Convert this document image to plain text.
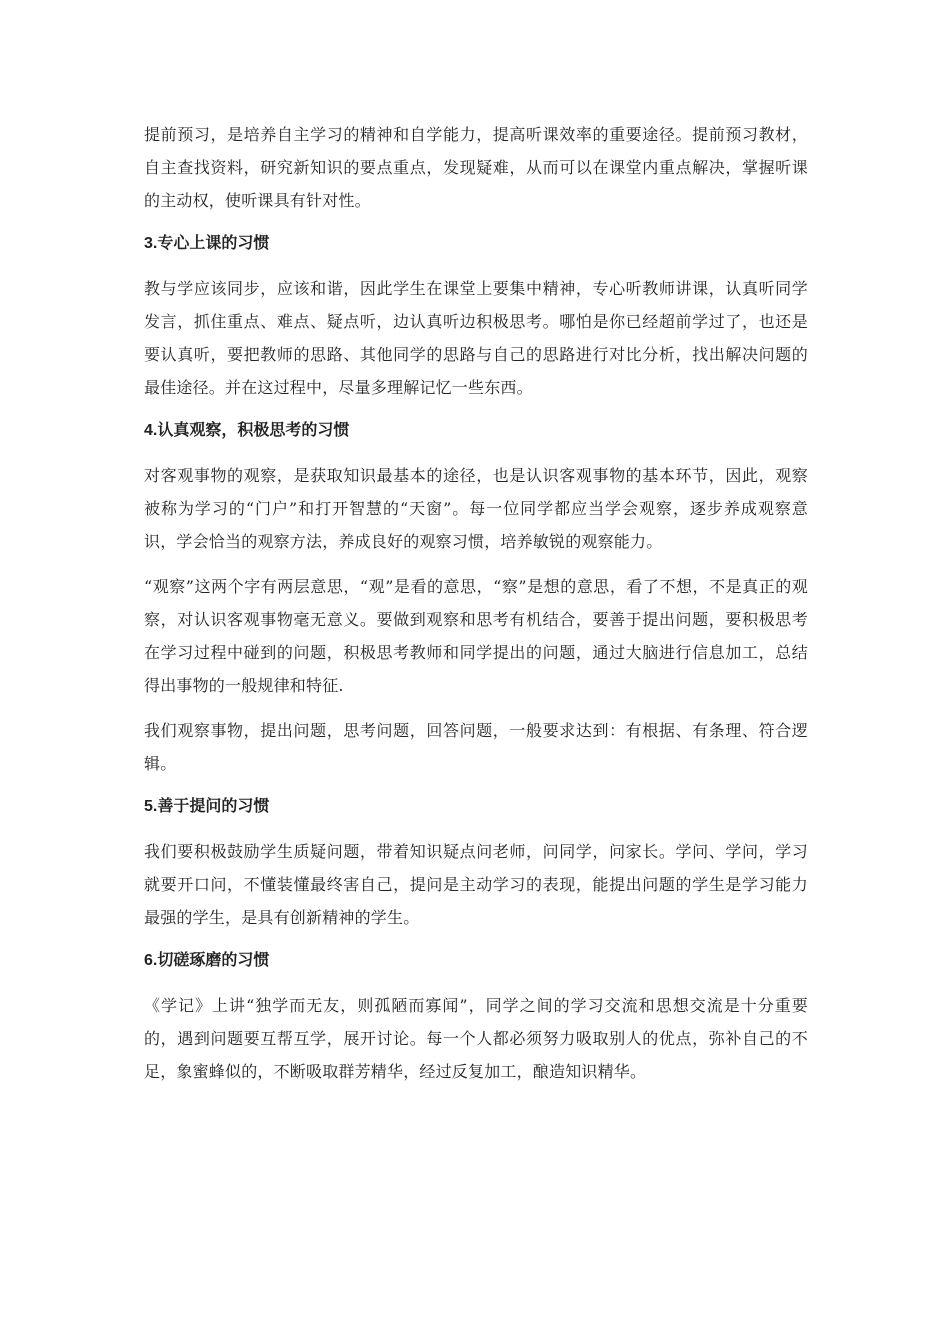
提前预习，是培养自主学习的精神和自学能力，提高听课效率的重要途径。提前预习教材，自主查找资料，研究新知识的要点重点，发现疑难，从而可以在课堂内重点解决，掌握听课的主动权，使听课具有针对性。

3.专心上课的习惯

教与学应该同步，应该和谐，因此学生在课堂上要集中精神，专心听教师讲课，认真听同学发言，抓住重点、难点、疑点听，边认真听边积极思考。哪怕是你已经超前学过了，也还是要认真听，要把教师的思路、其他同学的思路与自己的思路进行对比分析，找出解决问题的最佳途径。并在这过程中，尽量多理解记忆一些东西。

4.认真观察，积极思考的习惯

对客观事物的观察，是获取知识最基本的途径，也是认识客观事物的基本环节，因此，观察被称为学习的“门户”和打开智慧的“天窗”。每一位同学都应当学会观察，逐步养成观察意识，学会恰当的观察方法，养成良好的观察习惯，培养敏锐的观察能力。

“观察”这两个字有两层意思，“观”是看的意思，“察”是想的意思，看了不想，不是真正的观察，对认识客观事物毫无意义。要做到观察和思考有机结合，要善于提出问题，要积极思考在学习过程中碰到的问题，积极思考教师和同学提出的问题，通过大脑进行信息加工，总结得出事物的一般规律和特征.

我们观察事物，提出问题，思考问题，回答问题，一般要求达到：有根据、有条理、符合逻辑。

5.善于提问的习惯

我们要积极鼓励学生质疑问题，带着知识疑点问老师，问同学，问家长。学问、学问，学习就要开口问，不懂装懂最终害自己，提问是主动学习的表现，能提出问题的学生是学习能力最强的学生，是具有创新精神的学生。

6.切磋琢磨的习惯

《学记》上讲“独学而无友，则孤陋而寡闻”，同学之间的学习交流和思想交流是十分重要的，遇到问题要互帮互学，展开讨论。每一个人都必须努力吸取别人的优点，弥补自己的不足，象蜜蜂似的，不断吸取群芳精华，经过反复加工，酿造知识精华。
